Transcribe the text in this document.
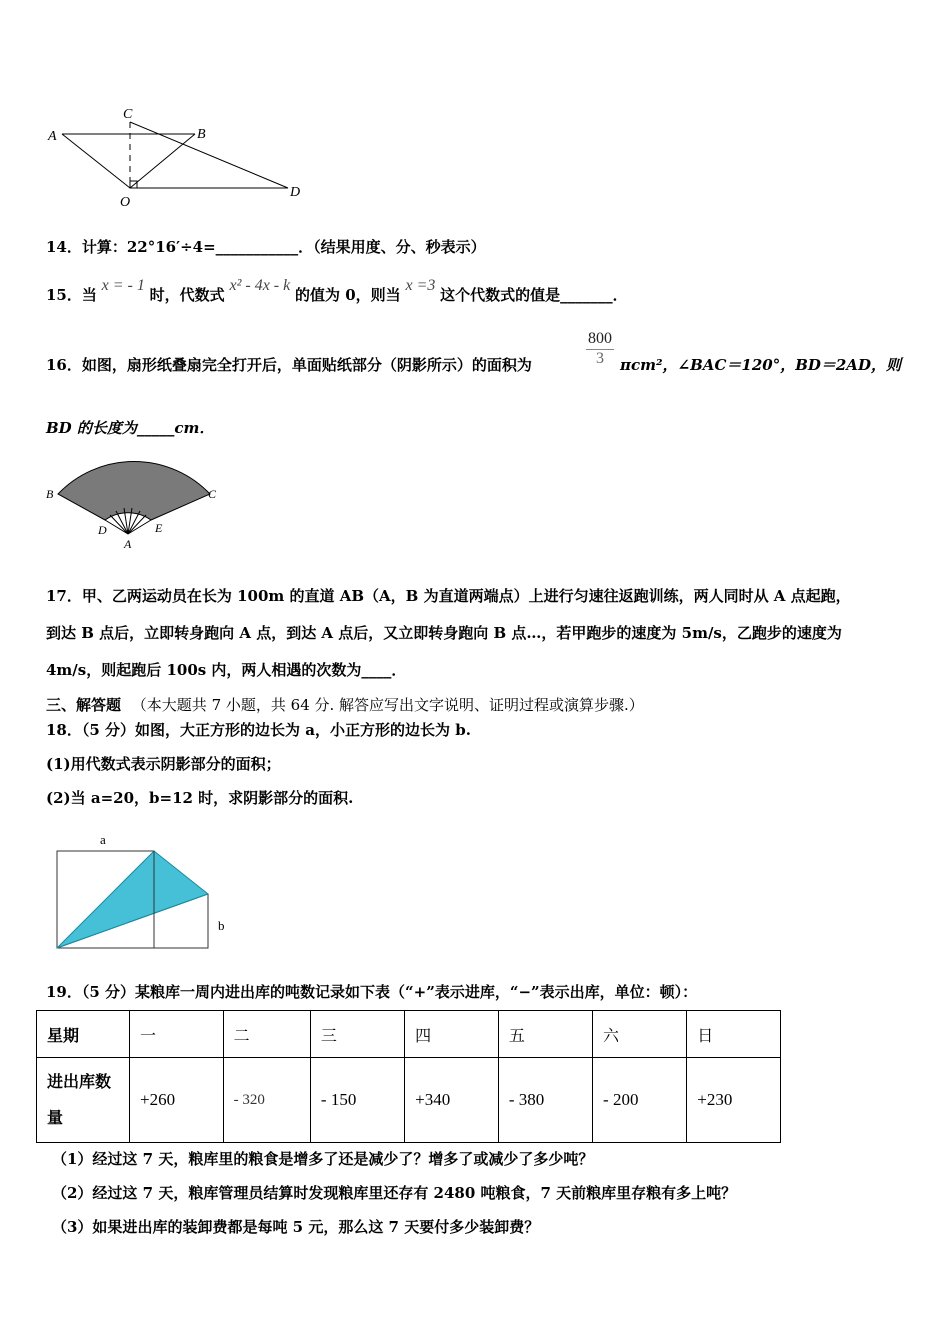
A	B
C
O
D
14．计算：22°16′÷4=___________．（结果用度、分、秒表示）
15．当 x = - 1 时，代数式 x² - 4x - k 的值为 0，则当 x =3 这个代数式的值是_______．
16．如图，扇形纸叠扇完全打开后，单面贴纸部分（阴影所示）的面积为
800
3	πcm²，∠BAC＝120°，BD＝2AD，则
BD 的长度为_____cm．
B	C
D	E
A
17．甲、乙两运动员在长为 100m 的直道 AB（A，B 为直道两端点）上进行匀速往返跑训练，两人同时从 A 点起跑，
到达 B 点后，立即转身跑向 A 点，到达 A 点后，又立即转身跑向 B 点…，若甲跑步的速度为 5m/s，乙跑步的速度为
4m/s，则起跑后 100s 内，两人相遇的次数为____．
三、解答题 （本大题共 7 小题，共 64 分. 解答应写出文字说明、证明过程或演算步骤.）
18．（5 分）如图，大正方形的边长为 a，小正方形的边长为 b.
(1)用代数式表示阴影部分的面积；
(2)当 a=20，b=12 时，求阴影部分的面积.
a
b
19．（5 分）某粮库一周内进出库的吨数记录如下表（“+”表示进库，“−”表示出库，单位：顿）：
星期	一	二	三	四	五	六	日

进出库数
量	+260	- 320	- 150	+340	- 380	- 200	+230
（1）经过这 7 天，粮库里的粮食是增多了还是减少了？增多了或减少了多少吨？
（2）经过这 7 天，粮库管理员结算时发现粮库里还存有 2480 吨粮食，7 天前粮库里存粮有多上吨？
（3）如果进出库的装卸费都是每吨 5 元，那么这 7 天要付多少装卸费？
